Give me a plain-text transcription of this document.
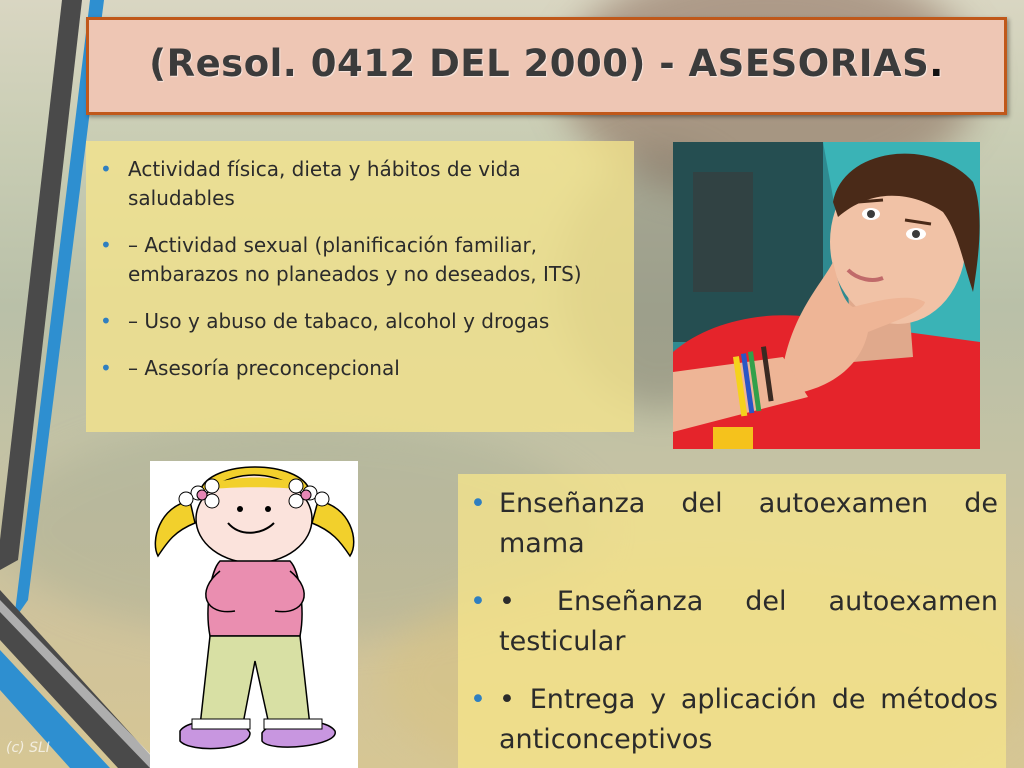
(Resol. 0412 DEL 2000) - ASESORIAS.
• Actividad física, dieta y hábitos de vida saludables
• – Actividad sexual (planificación familiar, embarazos no planeados y no deseados, ITS)
• – Uso y abuso de tabaco, alcohol y drogas
• – Asesoría preconcepcional
• Enseñanza del autoexamen de mama
• • Enseñanza del autoexamen testicular
• • Entrega y aplicación de métodos anticonceptivos
(c) SLI
